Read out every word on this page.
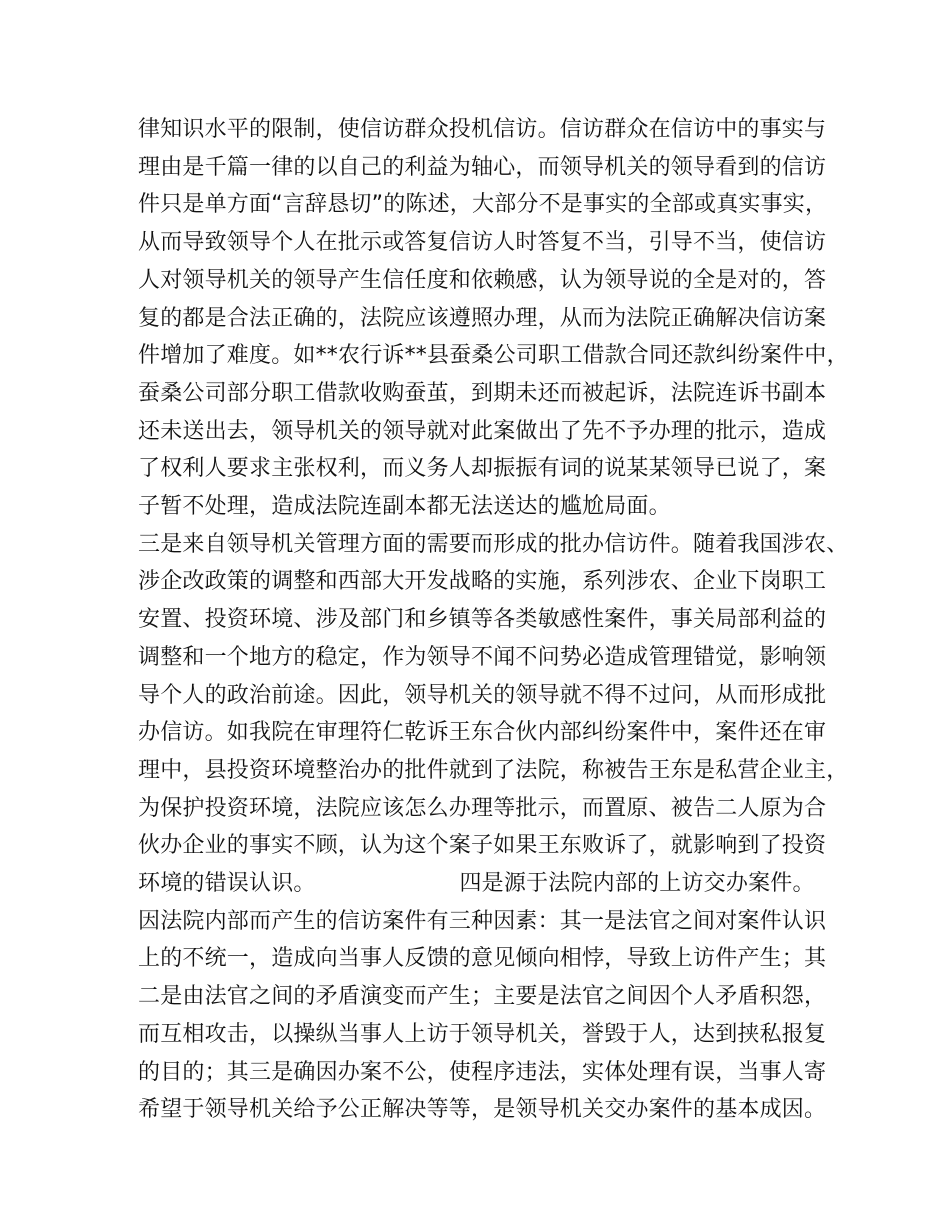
律知识水平的限制，使信访群众投机信访。信访群众在信访中的事实与
理由是千篇一律的以自己的利益为轴心，而领导机关的领导看到的信访
件只是单方面“言辞恳切”的陈述，大部分不是事实的全部或真实事实，
从而导致领导个人在批示或答复信访人时答复不当，引导不当，使信访
人对领导机关的领导产生信任度和依赖感，认为领导说的全是对的，答
复的都是合法正确的，法院应该遵照办理，从而为法院正确解决信访案
件增加了难度。如**农行诉**县蚕桑公司职工借款合同还款纠纷案件中，
蚕桑公司部分职工借款收购蚕茧，到期未还而被起诉，法院连诉书副本
还未送出去，领导机关的领导就对此案做出了先不予办理的批示，造成
了权利人要求主张权利，而义务人却振振有词的说某某领导已说了，案
子暂不处理，造成法院连副本都无法送达的尴尬局面。
三是来自领导机关管理方面的需要而形成的批办信访件。随着我国涉农、
涉企改政策的调整和西部大开发战略的实施，系列涉农、企业下岗职工
安置、投资环境、涉及部门和乡镇等各类敏感性案件，事关局部利益的
调整和一个地方的稳定，作为领导不闻不问势必造成管理错觉，影响领
导个人的政治前途。因此，领导机关的领导就不得不过问，从而形成批
办信访。如我院在审理符仁乾诉王东合伙内部纠纷案件中，案件还在审
理中，县投资环境整治办的批件就到了法院，称被告王东是私营企业主，
为保护投资环境，法院应该怎么办理等批示，而置原、被告二人原为合
伙办企业的事实不顾，认为这个案子如果王东败诉了，就影响到了投资
环境的错误认识。                    四是源于法院内部的上访交办案件。
因法院内部而产生的信访案件有三种因素：其一是法官之间对案件认识
上的不统一，造成向当事人反馈的意见倾向相悖，导致上访件产生；其
二是由法官之间的矛盾演变而产生；主要是法官之间因个人矛盾积怨，
而互相攻击，以操纵当事人上访于领导机关，誉毁于人，达到挟私报复
的目的；其三是确因办案不公，使程序违法，实体处理有误，当事人寄
希望于领导机关给予公正解决等等，是领导机关交办案件的基本成因。
